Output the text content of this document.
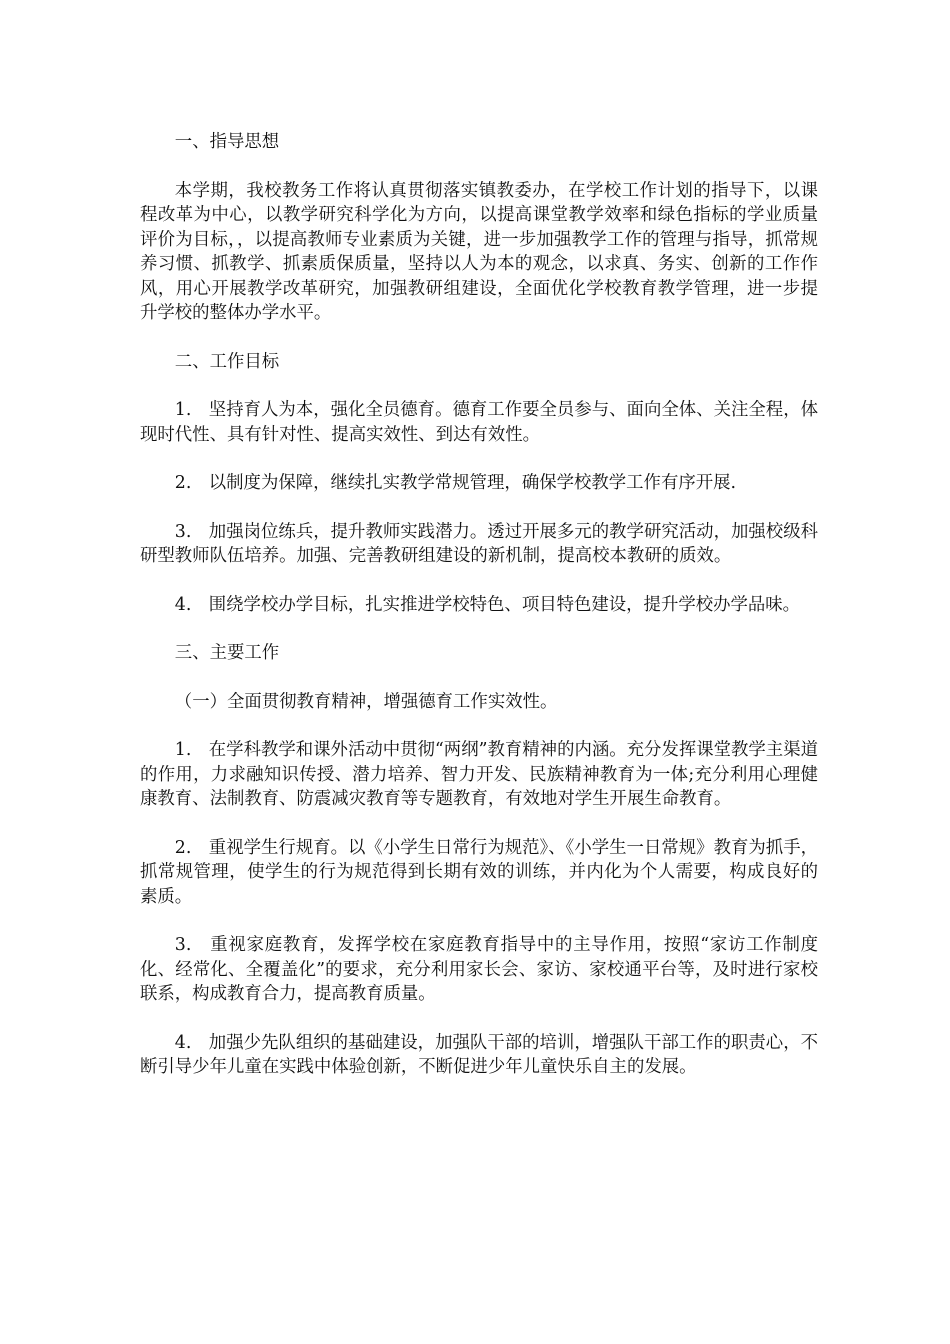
一、指导思想

本学期，我校教务工作将认真贯彻落实镇教委办，在学校工作计划的指导下，以课程改革为中心，以教学研究科学化为方向，以提高课堂教学效率和绿色指标的学业质量评价为目标，，以提高教师专业素质为关键，进一步加强教学工作的管理与指导，抓常规养习惯、抓教学、抓素质保质量，坚持以人为本的观念，以求真、务实、创新的工作作风，用心开展教学改革研究，加强教研组建设，全面优化学校教育教学管理，进一步提升学校的整体办学水平。

二、工作目标

1.　坚持育人为本，强化全员德育。德育工作要全员参与、面向全体、关注全程，体现时代性、具有针对性、提高实效性、到达有效性。

2.　以制度为保障，继续扎实教学常规管理，确保学校教学工作有序开展.

3.　加强岗位练兵，提升教师实践潜力。透过开展多元的教学研究活动，加强校级科研型教师队伍培养。加强、完善教研组建设的新机制，提高校本教研的质效。

4.　围绕学校办学目标，扎实推进学校特色、项目特色建设，提升学校办学品味。

三、主要工作

（一）全面贯彻教育精神，增强德育工作实效性。

1.　在学科教学和课外活动中贯彻“两纲”教育精神的内涵。充分发挥课堂教学主渠道的作用，力求融知识传授、潜力培养、智力开发、民族精神教育为一体;充分利用心理健康教育、法制教育、防震减灾教育等专题教育，有效地对学生开展生命教育。

2.　重视学生行规育。以《小学生日常行为规范》、《小学生一日常规》教育为抓手，抓常规管理，使学生的行为规范得到长期有效的训练，并内化为个人需要，构成良好的素质。

3.　重视家庭教育，发挥学校在家庭教育指导中的主导作用，按照“家访工作制度化、经常化、全覆盖化”的要求，充分利用家长会、家访、家校通平台等，及时进行家校联系，构成教育合力，提高教育质量。

4.　加强少先队组织的基础建设，加强队干部的培训，增强队干部工作的职责心，不断引导少年儿童在实践中体验创新，不断促进少年儿童快乐自主的发展。
